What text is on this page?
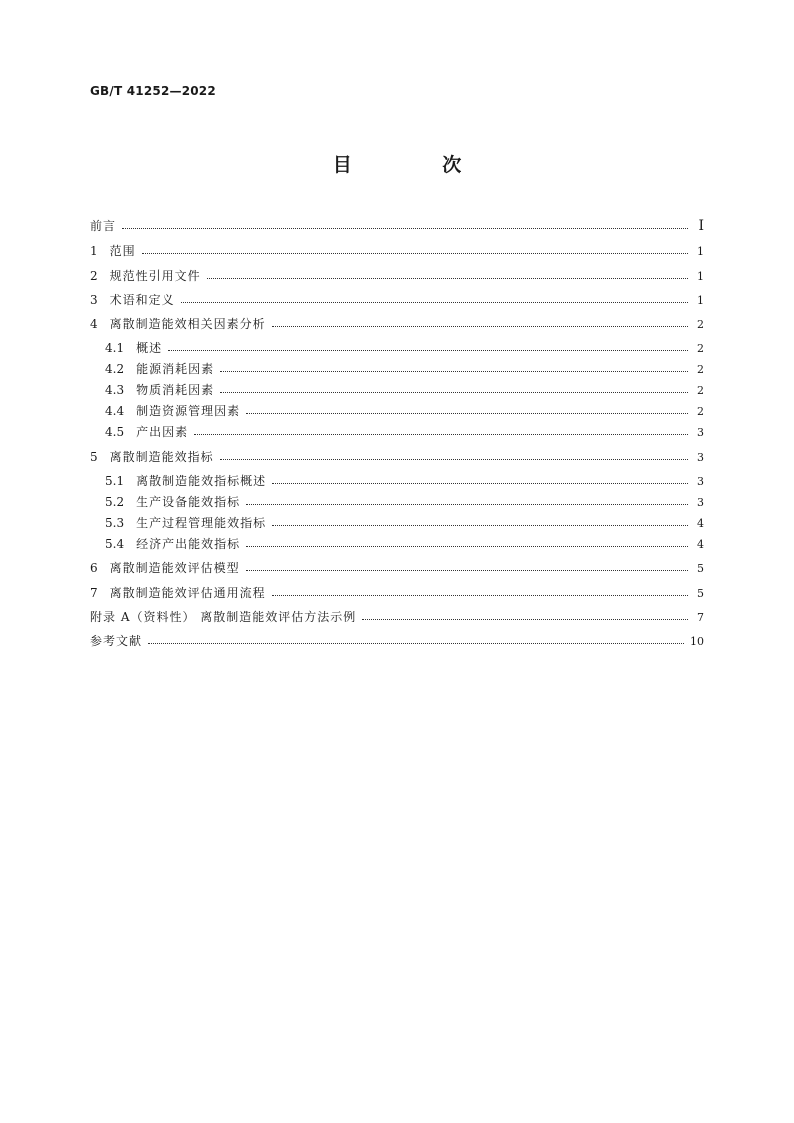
GB/T 41252—2022
目 次
前言	I
1 范围	1
2 规范性引用文件	1
3 术语和定义	1
4 离散制造能效相关因素分析	2
4.1 概述	2
4.2 能源消耗因素	2
4.3 物质消耗因素	2
4.4 制造资源管理因素	2
4.5 产出因素	3
5 离散制造能效指标	3
5.1 离散制造能效指标概述	3
5.2 生产设备能效指标	3
5.3 生产过程管理能效指标	4
5.4 经济产出能效指标	4
6 离散制造能效评估模型	5
7 离散制造能效评估通用流程	5
附录 A（资料性） 离散制造能效评估方法示例	7
参考文献	10
